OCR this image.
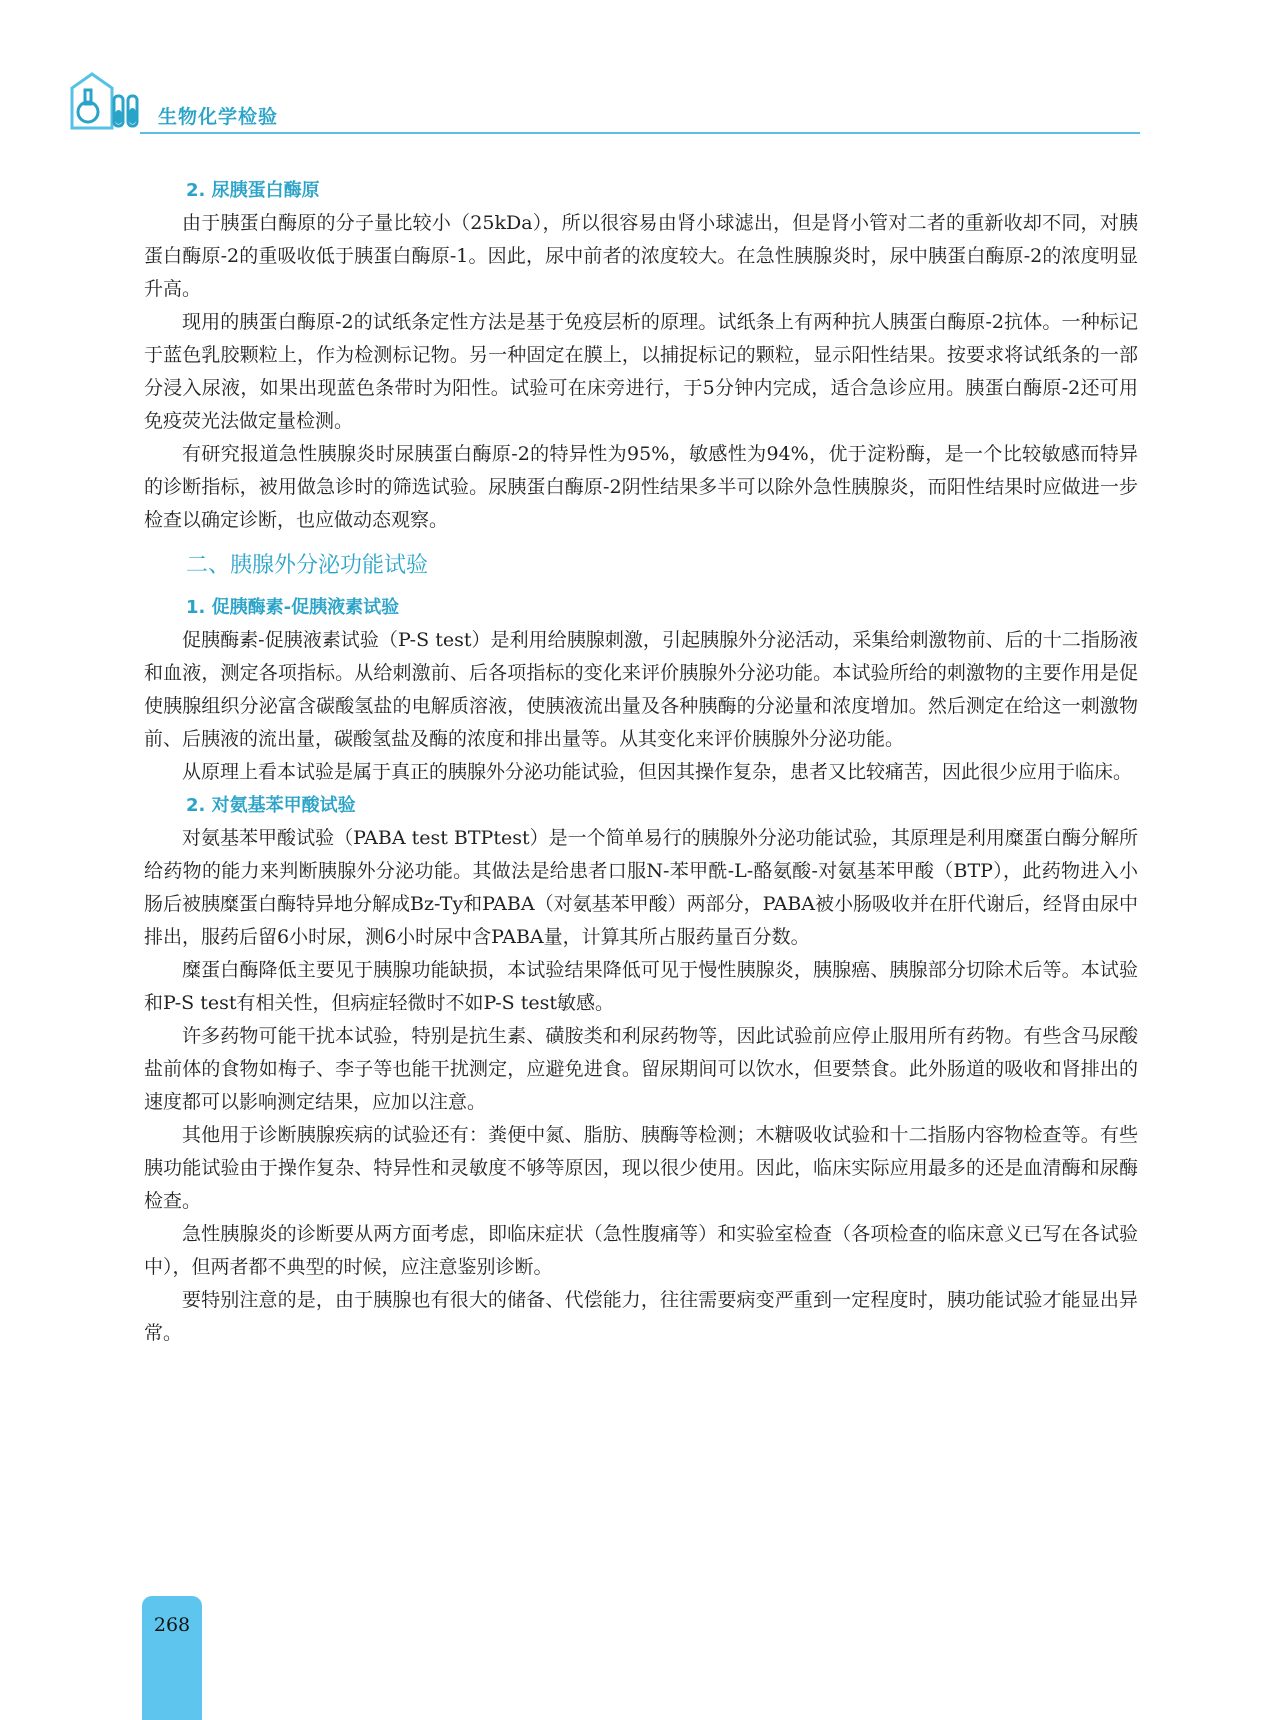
生物化学检验
2. 尿胰蛋白酶原

由于胰蛋白酶原的分子量比较小（25kDa），所以很容易由肾小球滤出，但是肾小管对二者的重新收却不同，对胰蛋白酶原-2的重吸收低于胰蛋白酶原-1。因此，尿中前者的浓度较大。在急性胰腺炎时，尿中胰蛋白酶原-2的浓度明显升高。

现用的胰蛋白酶原-2的试纸条定性方法是基于免疫层析的原理。试纸条上有两种抗人胰蛋白酶原-2抗体。一种标记于蓝色乳胶颗粒上，作为检测标记物。另一种固定在膜上，以捕捉标记的颗粒，显示阳性结果。按要求将试纸条的一部分浸入尿液，如果出现蓝色条带时为阳性。试验可在床旁进行，于5分钟内完成，适合急诊应用。胰蛋白酶原-2还可用免疫荧光法做定量检测。

有研究报道急性胰腺炎时尿胰蛋白酶原-2的特异性为95%，敏感性为94%，优于淀粉酶，是一个比较敏感而特异的诊断指标，被用做急诊时的筛选试验。尿胰蛋白酶原-2阴性结果多半可以除外急性胰腺炎，而阳性结果时应做进一步检查以确定诊断，也应做动态观察。

二、胰腺外分泌功能试验
1. 促胰酶素-促胰液素试验

促胰酶素-促胰液素试验（P-S test）是利用给胰腺刺激，引起胰腺外分泌活动，采集给刺激物前、后的十二指肠液和血液，测定各项指标。从给刺激前、后各项指标的变化来评价胰腺外分泌功能。本试验所给的刺激物的主要作用是促使胰腺组织分泌富含碳酸氢盐的电解质溶液，使胰液流出量及各种胰酶的分泌量和浓度增加。然后测定在给这一刺激物前、后胰液的流出量，碳酸氢盐及酶的浓度和排出量等。从其变化来评价胰腺外分泌功能。

从原理上看本试验是属于真正的胰腺外分泌功能试验，但因其操作复杂，患者又比较痛苦，因此很少应用于临床。

2. 对氨基苯甲酸试验

对氨基苯甲酸试验（PABA test BTPtest）是一个简单易行的胰腺外分泌功能试验，其原理是利用糜蛋白酶分解所给药物的能力来判断胰腺外分泌功能。其做法是给患者口服N-苯甲酰-L-酪氨酸-对氨基苯甲酸（BTP），此药物进入小肠后被胰糜蛋白酶特异地分解成Bz-Ty和PABA（对氨基苯甲酸）两部分，PABA被小肠吸收并在肝代谢后，经肾由尿中排出，服药后留6小时尿，测6小时尿中含PABA量，计算其所占服药量百分数。

糜蛋白酶降低主要见于胰腺功能缺损，本试验结果降低可见于慢性胰腺炎，胰腺癌、胰腺部分切除术后等。本试验和P-S test有相关性，但病症轻微时不如P-S test敏感。

许多药物可能干扰本试验，特别是抗生素、磺胺类和利尿药物等，因此试验前应停止服用所有药物。有些含马尿酸盐前体的食物如梅子、李子等也能干扰测定，应避免进食。留尿期间可以饮水，但要禁食。此外肠道的吸收和肾排出的速度都可以影响测定结果，应加以注意。

其他用于诊断胰腺疾病的试验还有：粪便中氮、脂肪、胰酶等检测；木糖吸收试验和十二指肠内容物检查等。有些胰功能试验由于操作复杂、特异性和灵敏度不够等原因，现以很少使用。因此，临床实际应用最多的还是血清酶和尿酶检查。

急性胰腺炎的诊断要从两方面考虑，即临床症状（急性腹痛等）和实验室检查（各项检查的临床意义已写在各试验中），但两者都不典型的时候，应注意鉴别诊断。

要特别注意的是，由于胰腺也有很大的储备、代偿能力，往往需要病变严重到一定程度时，胰功能试验才能显出异常。

268
